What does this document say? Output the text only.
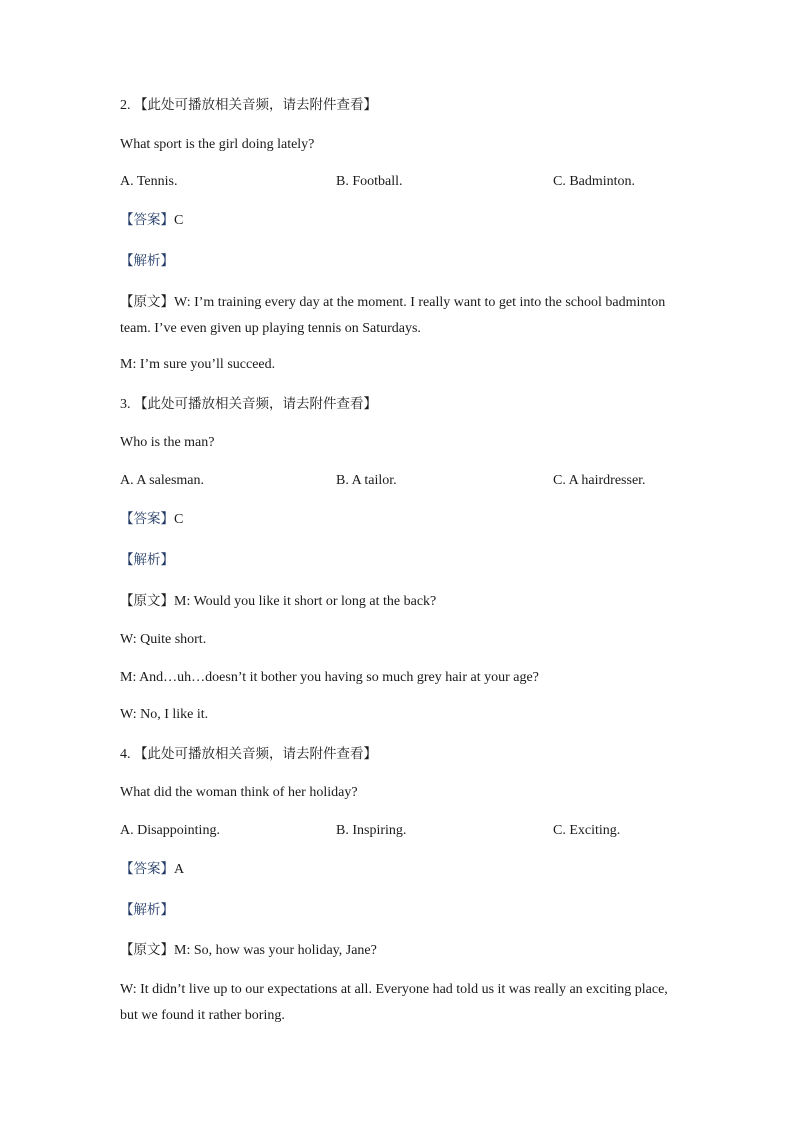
2. 【此处可播放相关音频，请去附件查看】
What sport is the girl doing lately?
A. Tennis.	B. Football.	C. Badminton.
【答案】C
【解析】
【原文】W: I’m training every day at the moment. I really want to get into the school badminton team. I’ve even given up playing tennis on Saturdays.
M: I’m sure you’ll succeed.
3. 【此处可播放相关音频，请去附件查看】
Who is the man?
A. A salesman.	B. A tailor.	C. A hairdresser.
【答案】C
【解析】
【原文】M: Would you like it short or long at the back?
W: Quite short.
M: And…uh…doesn’t it bother you having so much grey hair at your age?
W: No, I like it.
4. 【此处可播放相关音频，请去附件查看】
What did the woman think of her holiday?
A. Disappointing.	B. Inspiring.	C. Exciting.
【答案】A
【解析】
【原文】M: So, how was your holiday, Jane?
W: It didn’t live up to our expectations at all. Everyone had told us it was really an exciting place, but we found it rather boring.
